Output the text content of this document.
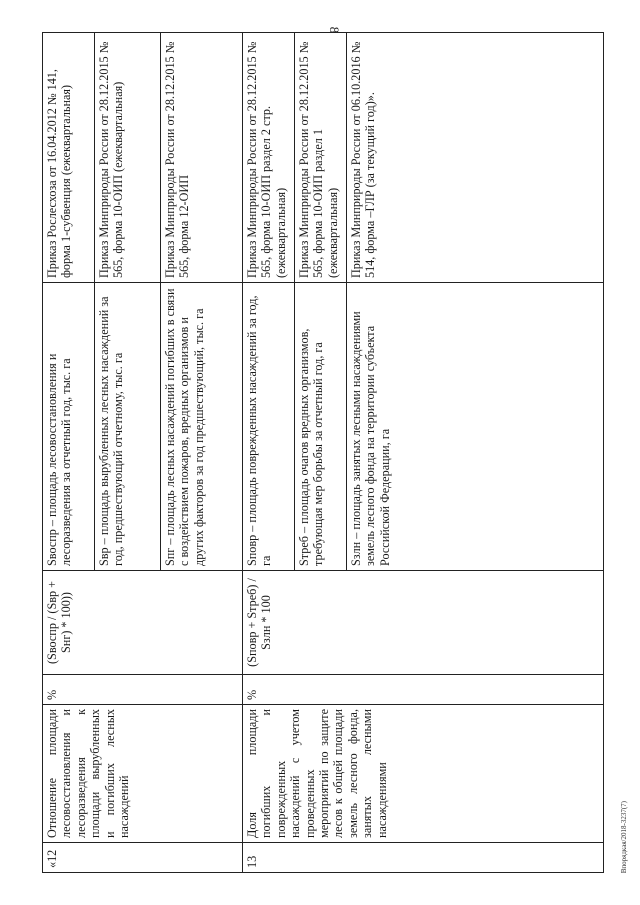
8
«12	Отношение площади лесовосстановления и лесоразведения к площади вырубленных и погибших лесных насаждений	%	(Sвоспр / (Sвр + Sнг) * 100))	Sвоспр – площадь лесовосстановления и лесоразведения за отчетный год, тыс. га	Приказ Рослесхоза от 16.04.2012 № 141, форма 1-субвенция (ежеквартальная)
				Sвр – площадь вырубленных лесных насаждений за год, предшествующий отчетному, тыс. га	Приказ Минприроды России от 28.12.2015 № 565, форма 10-ОИП (ежеквартальная)
				Sпг – площадь лесных насаждений погибших в связи с воздействием пожаров, вредных организмов и других факторов за год предшествующий, тыс. га	Приказ Минприроды России от 28.12.2015 № 565, форма 12-ОИП
13	Доля площади погибших и поврежденных насаждений с учетом проведенных мероприятий по защите лесов к общей площади земель лесного фонда, занятых лесными насаждениями	%	(Sповр + Sтреб) / Sзлн * 100	Sповр – площадь поврежденных насаждений за год, га	Приказ Минприроды России от 28.12.2015 № 565, форма 10-ОИП раздел 2 стр. (ежеквартальная)
				Sтреб – площадь очагов вредных организмов, требующая мер борьбы за отчетный год, га	Приказ Минприроды России от 28.12.2015 № 565, форма 10-ОИП раздел 1 (ежеквартальная)
				Sзлн – площадь занятых лесными насаждениями земель лесного фонда на территории субъекта Российской Федерации, га	Приказ Минприроды России от 06.10.2016 № 514, форма –ГЛР (за текущий год)».
Впорядкая/2018-3237(7)
